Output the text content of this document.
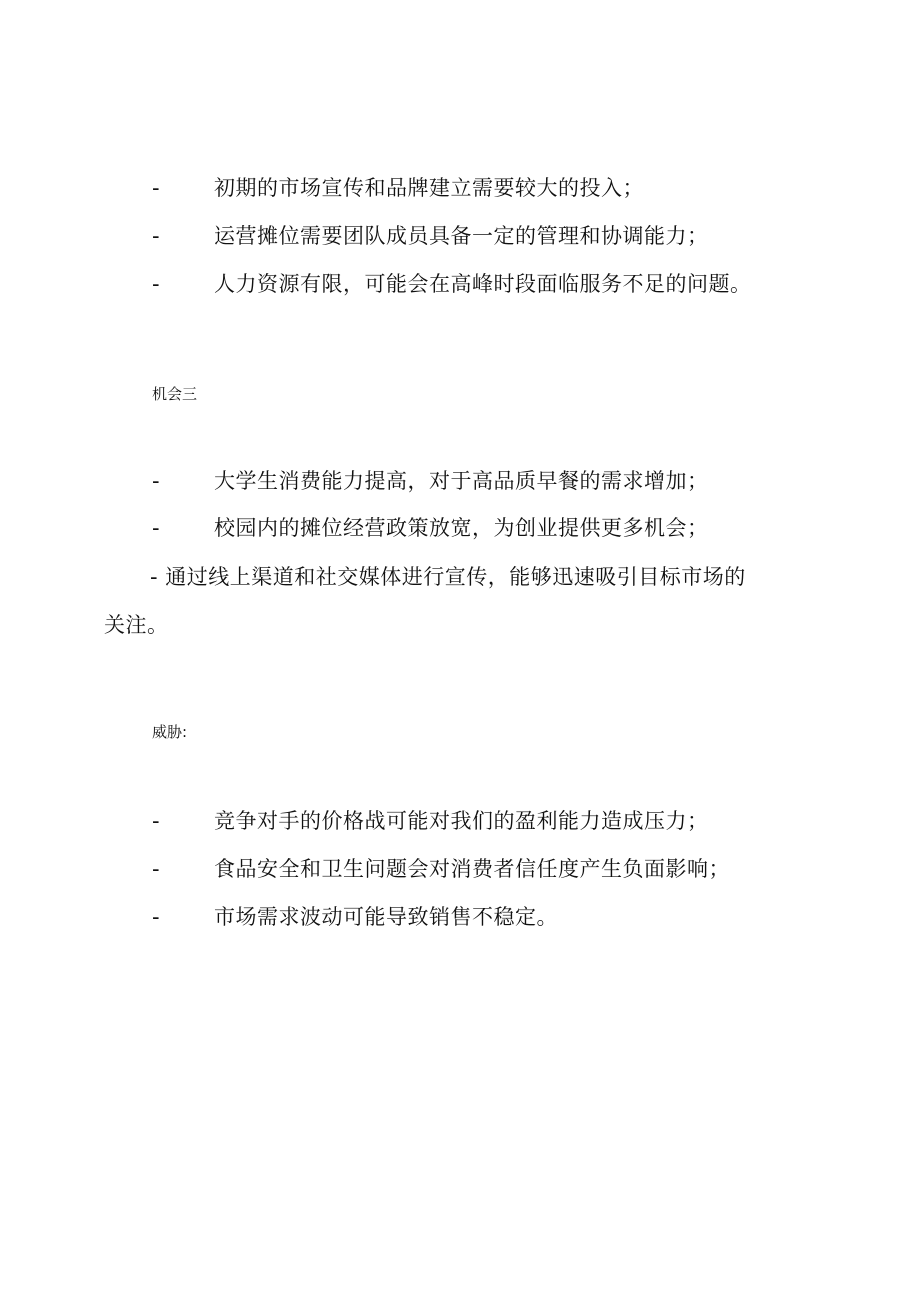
-	初期的市场宣传和品牌建立需要较大的投入；
-	运营摊位需要团队成员具备一定的管理和协调能力；
-	人力资源有限，可能会在高峰时段面临服务不足的问题。
机会三
-	大学生消费能力提高，对于高品质早餐的需求增加；
-	校园内的摊位经营政策放宽，为创业提供更多机会；
- 通过线上渠道和社交媒体进行宣传，能够迅速吸引目标市场的
关注。
威胁:
-	竞争对手的价格战可能对我们的盈利能力造成压力；
-	食品安全和卫生问题会对消费者信任度产生负面影响；
-	市场需求波动可能导致销售不稳定。
